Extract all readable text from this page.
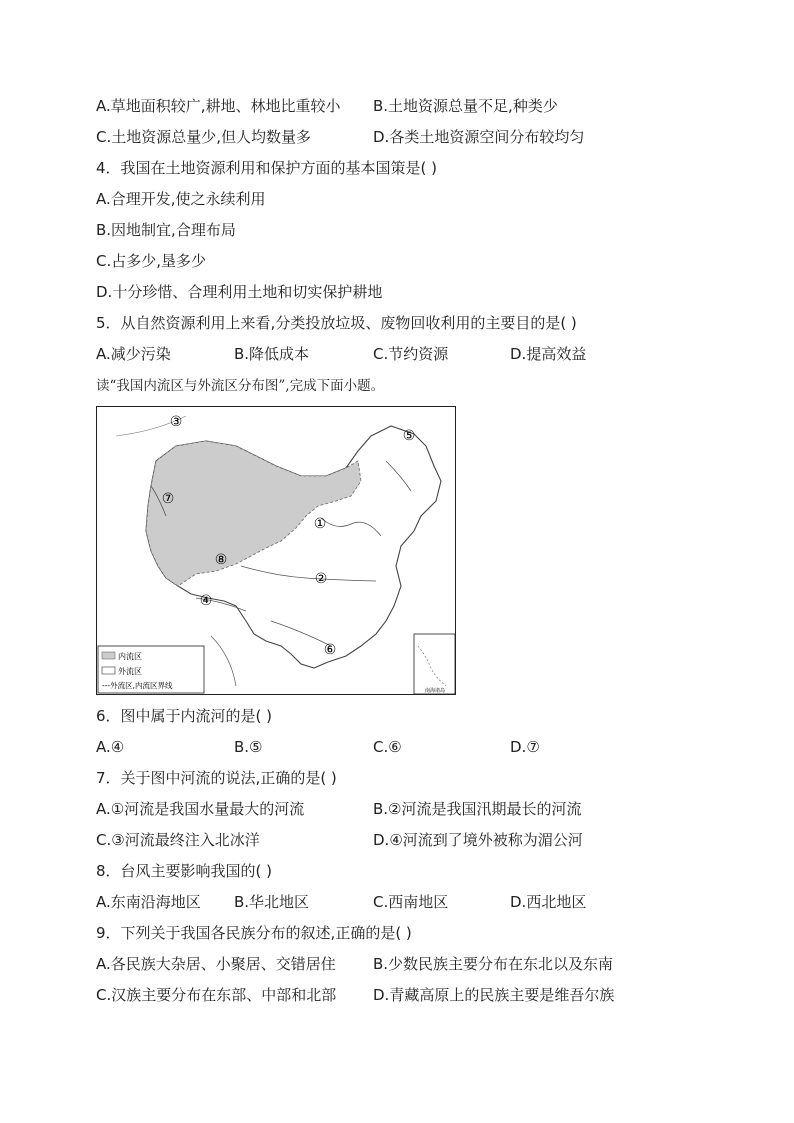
A.草地面积较广,耕地、林地比重较小 B.土地资源总量不足,种类少
C.土地资源总量少,但人均数量多	D.各类土地资源空间分布较均匀
4．我国在土地资源利用和保护方面的基本国策是( )
A.合理开发,使之永续利用
B.因地制宜,合理布局
C.占多少,垦多少
D.十分珍惜、合理利用土地和切实保护耕地
5．从自然资源利用上来看,分类投放垃圾、废物回收利用的主要目的是( )
A.减少污染	B.降低成本	C.节约资源	D.提高效益
读“我国内流区与外流区分布图”,完成下面小题。
①
②
③
④
⑤
⑥
⑦
⑧
内流区
外流区
---外流区,内流区界线
南海诸岛
6．图中属于内流河的是( )
A.④	B.⑤	C.⑥	D.⑦
7．关于图中河流的说法,正确的是( )
A.①河流是我国水量最大的河流	B.②河流是我国汛期最长的河流
C.③河流最终注入北冰洋	D.④河流到了境外被称为湄公河
8．台风主要影响我国的( )
A.东南沿海地区 B.华北地区	C.西南地区	D.西北地区
9．下列关于我国各民族分布的叙述,正确的是( )
A.各民族大杂居、小聚居、交错居住 B.少数民族主要分布在东北以及东南
C.汉族主要分布在东部、中部和北部 D.青藏高原上的民族主要是维吾尔族
